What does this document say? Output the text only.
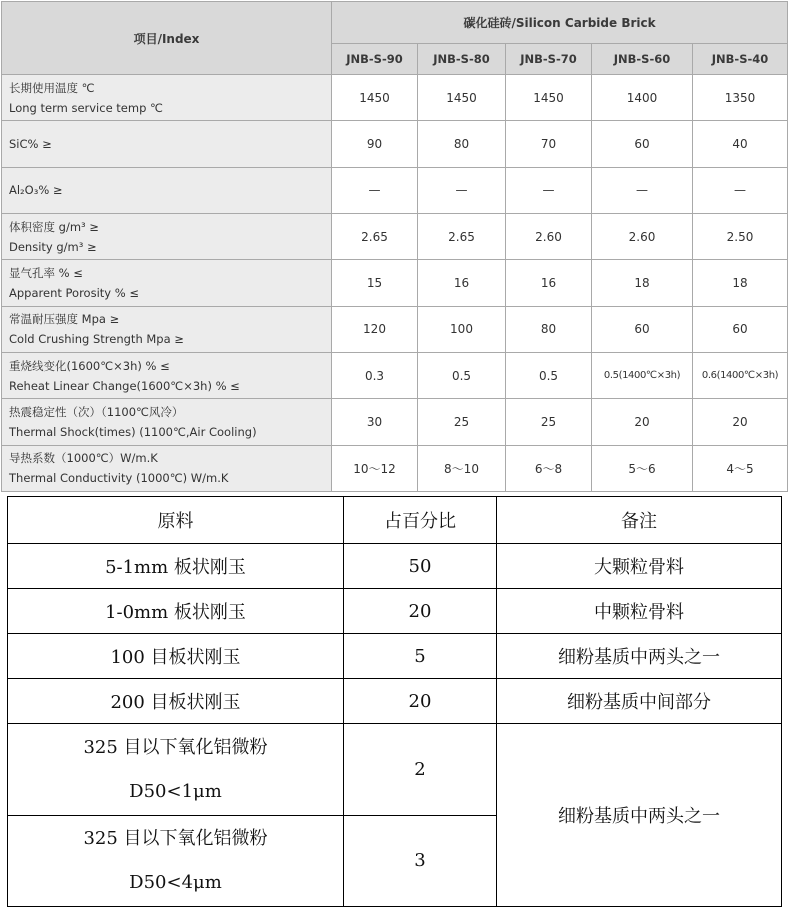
项目/Index	碳化硅砖/Silicon Carbide Brick				
	JNB-S-90	JNB-S-80	JNB-S-70	JNB-S-60	JNB-S-40

长期使用温度 ℃
Long term service temp ℃	1450	1450	1450	1400	1350

SiC% ≥	90	80	70	60	40

Al₂O₃% ≥	—	—	—	—	—

体积密度 g/m³ ≥
Density g/m³ ≥	2.65	2.65	2.60	2.60	2.50

显气孔率 % ≤
Apparent Porosity % ≤	15	16	16	18	18

常温耐压强度 Mpa ≥
Cold Crushing Strength Mpa ≥	120	100	80	60	60

重烧线变化(1600℃×3h) % ≤
Reheat Linear Change(1600℃×3h) % ≤	0.3	0.5	0.5	0.5(1400℃×3h)	0.6(1400℃×3h)

热震稳定性（次）（1100℃风冷）
Thermal Shock(times) (1100℃,Air Cooling)	30	25	25	20	20

导热系数（1000℃）W/m.K
Thermal Conductivity (1000℃) W/m.K	10～12	8～10	6～8	5～6	4～5
原料	占百分比	备注
5-1mm 板状刚玉	50	大颗粒骨料
1-0mm 板状刚玉	20	中颗粒骨料
100 目板状刚玉	5	细粉基质中两头之一
200 目板状刚玉	20	细粉基质中间部分

325 目以下氧化铝微粉
D50<1μm	2	细粉基质中两头之一

325 目以下氧化铝微粉
D50<4μm	3	
